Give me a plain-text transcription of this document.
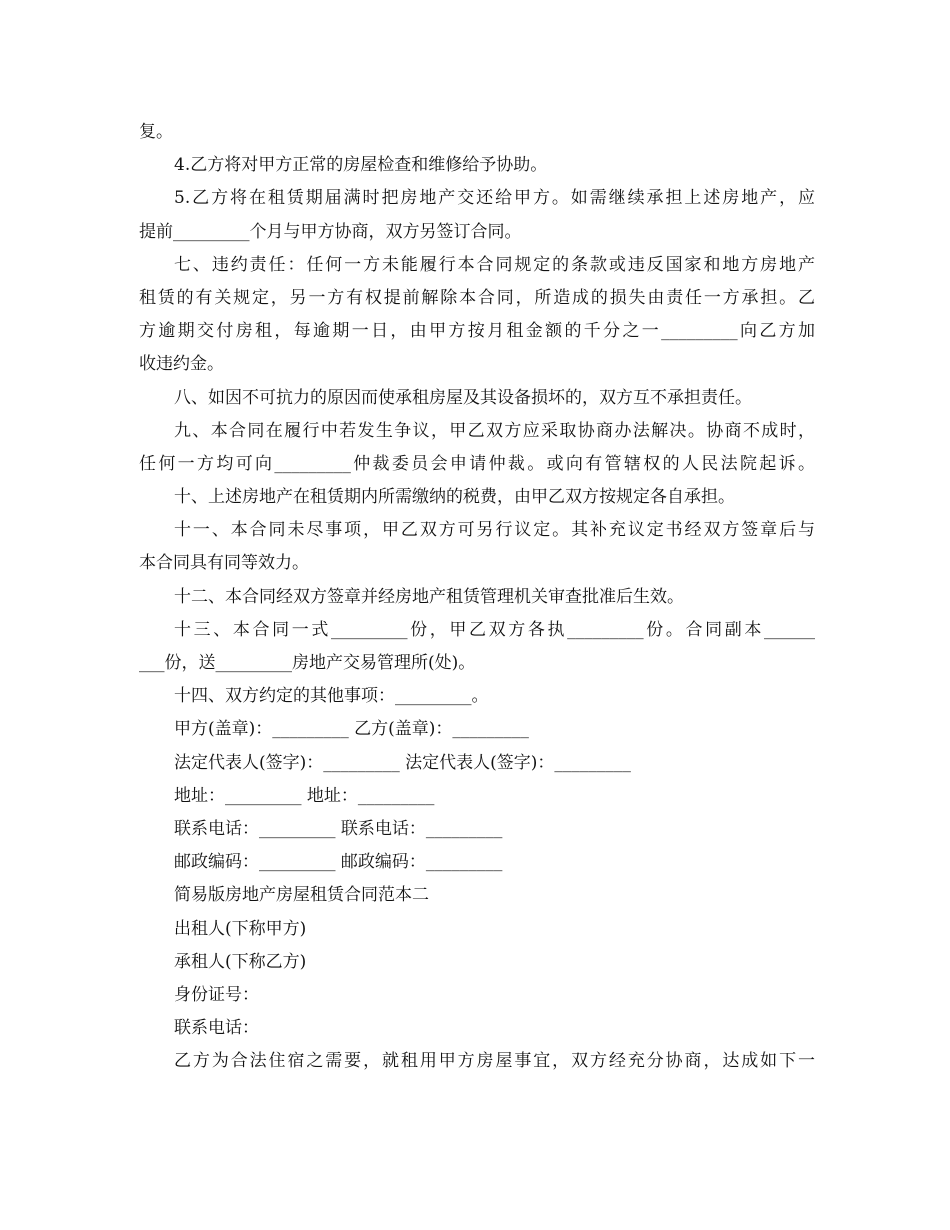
复。
4.乙方将对甲方正常的房屋检查和维修给予协助。
5.乙方将在租赁期届满时把房地产交还给甲方。如需继续承担上述房地产，应
提前_________个月与甲方协商，双方另签订合同。
七、违约责任：任何一方未能履行本合同规定的条款或违反国家和地方房地产
租赁的有关规定，另一方有权提前解除本合同，所造成的损失由责任一方承担。乙
方逾期交付房租，每逾期一日，由甲方按月租金额的千分之一_________向乙方加
收违约金。
八、如因不可抗力的原因而使承租房屋及其设备损坏的，双方互不承担责任。
九、本合同在履行中若发生争议，甲乙双方应采取协商办法解决。协商不成时，
任何一方均可向_________仲裁委员会申请仲裁。或向有管辖权的人民法院起诉。
十、上述房地产在租赁期内所需缴纳的税费，由甲乙双方按规定各自承担。
十一、本合同未尽事项，甲乙双方可另行议定。其补充议定书经双方签章后与
本合同具有同等效力。
十二、本合同经双方签章并经房地产租赁管理机关审查批准后生效。
十三、本合同一式_________份，甲乙双方各执_________份。合同副本______
___份，送_________房地产交易管理所(处)。
十四、双方约定的其他事项：_________。
甲方(盖章)：_________ 乙方(盖章)：_________
法定代表人(签字)：_________ 法定代表人(签字)：_________
地址：_________ 地址：_________
联系电话：_________ 联系电话：_________
邮政编码：_________ 邮政编码：_________
简易版房地产房屋租赁合同范本二
出租人(下称甲方)
承租人(下称乙方)
身份证号：
联系电话：
乙方为合法住宿之需要，就租用甲方房屋事宜，双方经充分协商，达成如下一
